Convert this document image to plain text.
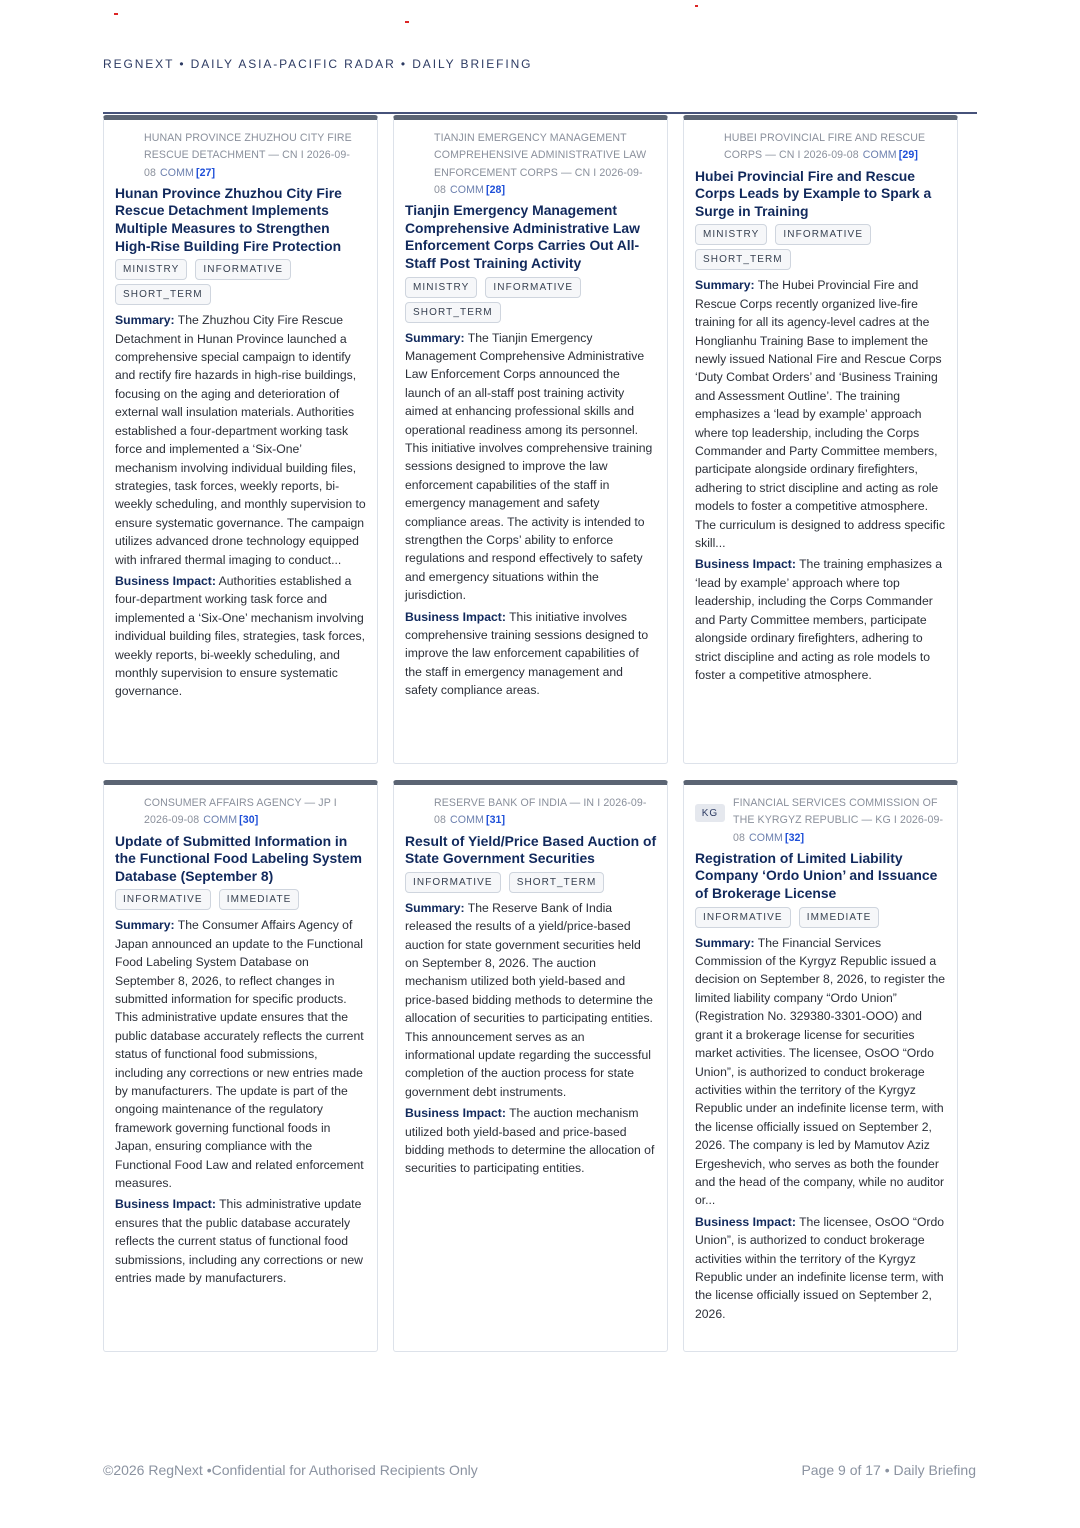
REGNEXT • DAILY ASIA-PACIFIC RADAR • DAILY BRIEFING
HUNAN PROVINCE ZHUZHOU CITY FIRE RESCUE DETACHMENT — CN I 2026-09-08 COMM [27]
Hunan Province Zhuzhou City Fire Rescue Detachment Implements Multiple Measures to Strengthen High-Rise Building Fire Protection
MINISTRY	INFORMATIVE
SHORT_TERM

Summary: The Zhuzhou City Fire Rescue Detachment in Hunan Province launched a comprehensive special campaign to identify and rectify fire hazards in high-rise buildings, focusing on the aging and deterioration of external wall insulation materials. Authorities established a four-department working task force and implemented a ‘Six-One’ mechanism involving individual building files, strategies, task forces, weekly reports, bi-weekly scheduling, and monthly supervision to ensure systematic governance. The campaign utilizes advanced drone technology equipped with infrared thermal imaging to conduct...

Business Impact: Authorities established a four-department working task force and implemented a ‘Six-One’ mechanism involving individual building files, strategies, task forces, weekly reports, bi-weekly scheduling, and monthly supervision to ensure systematic governance.

TIANJIN EMERGENCY MANAGEMENT COMPREHENSIVE ADMINISTRATIVE LAW ENFORCEMENT CORPS — CN I 2026-09-08 COMM [28]
Tianjin Emergency Management Comprehensive Administrative Law Enforcement Corps Carries Out All-Staff Post Training Activity
MINISTRY	INFORMATIVE
SHORT_TERM

Summary: The Tianjin Emergency Management Comprehensive Administrative Law Enforcement Corps announced the launch of an all-staff post training activity aimed at enhancing professional skills and operational readiness among its personnel. This initiative involves comprehensive training sessions designed to improve the law enforcement capabilities of the staff in emergency management and safety compliance areas. The activity is intended to strengthen the Corps’ ability to enforce regulations and respond effectively to safety and emergency situations within the jurisdiction.

Business Impact: This initiative involves comprehensive training sessions designed to improve the law enforcement capabilities of the staff in emergency management and safety compliance areas.

HUBEI PROVINCIAL FIRE AND RESCUE CORPS — CN I 2026-09-08 COMM [29]
Hubei Provincial Fire and Rescue Corps Leads by Example to Spark a Surge in Training
MINISTRY	INFORMATIVE
SHORT_TERM

Summary: The Hubei Provincial Fire and Rescue Corps recently organized live-fire training for all its agency-level cadres at the Honglianhu Training Base to implement the newly issued National Fire and Rescue Corps ‘Duty Combat Orders’ and ‘Business Training and Assessment Outline’. The training emphasizes a ‘lead by example’ approach where top leadership, including the Corps Commander and Party Committee members, participate alongside ordinary firefighters, adhering to strict discipline and acting as role models to foster a competitive atmosphere. The curriculum is designed to address specific skill...

Business Impact: The training emphasizes a ‘lead by example’ approach where top leadership, including the Corps Commander and Party Committee members, participate alongside ordinary firefighters, adhering to strict discipline and acting as role models to foster a competitive atmosphere.

CONSUMER AFFAIRS AGENCY — JP I 2026-09-08 COMM [30]
Update of Submitted Information in the Functional Food Labeling System Database (September 8)
INFORMATIVE	IMMEDIATE

Summary: The Consumer Affairs Agency of Japan announced an update to the Functional Food Labeling System Database on September 8, 2026, to reflect changes in submitted information for specific products. This administrative update ensures that the public database accurately reflects the current status of functional food submissions, including any corrections or new entries made by manufacturers. The update is part of the ongoing maintenance of the regulatory framework governing functional foods in Japan, ensuring compliance with the Functional Food Law and related enforcement measures.

Business Impact: This administrative update ensures that the public database accurately reflects the current status of functional food submissions, including any corrections or new entries made by manufacturers.

RESERVE BANK OF INDIA — IN I 2026-09-08 COMM [31]
Result of Yield/Price Based Auction of State Government Securities
INFORMATIVE	SHORT_TERM

Summary: The Reserve Bank of India released the results of a yield/price-based auction for state government securities held on September 8, 2026. The auction mechanism utilized both yield-based and price-based bidding methods to determine the allocation of securities to participating entities. This announcement serves as an informational update regarding the successful completion of the auction process for state government debt instruments.

Business Impact: The auction mechanism utilized both yield-based and price-based bidding methods to determine the allocation of securities to participating entities.

KG
FINANCIAL SERVICES COMMISSION OF THE KYRGYZ REPUBLIC — KG I 2026-09-08 COMM [32]
Registration of Limited Liability Company ‘Ordo Union’ and Issuance of Brokerage License
INFORMATIVE	IMMEDIATE

Summary: The Financial Services Commission of the Kyrgyz Republic issued a decision on September 8, 2026, to register the limited liability company “Ordo Union” (Registration No. 329380-3301-OOO) and grant it a brokerage license for securities market activities. The licensee, OsOO “Ordo Union”, is authorized to conduct brokerage activities within the territory of the Kyrgyz Republic under an indefinite license term, with the license officially issued on September 2, 2026. The company is led by Mamutov Aziz Ergeshevich, who serves as both the founder and the head of the company, while no auditor or...

Business Impact: The licensee, OsOO “Ordo Union”, is authorized to conduct brokerage activities within the territory of the Kyrgyz Republic under an indefinite license term, with the license officially issued on September 2, 2026.

©2026 RegNext •Confidential for Authorised Recipients Only	Page 9 of 17 • Daily Briefing
